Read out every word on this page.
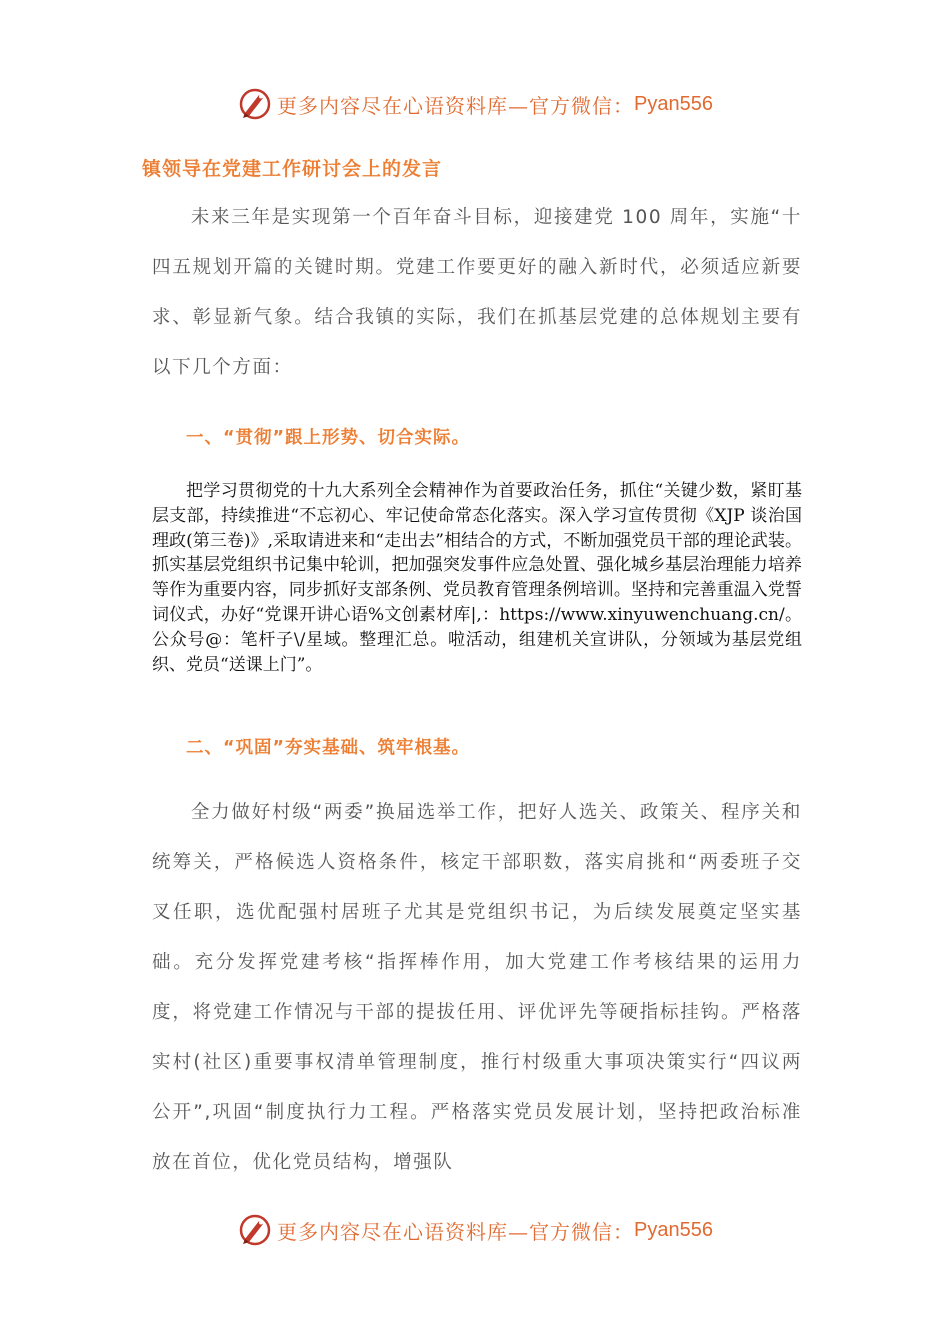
更多内容尽在心语资料库—官方微信： Pyan556
镇领导在党建工作研讨会上的发言

未来三年是实现第一个百年奋斗目标，迎接建党 100 周年，实施“十四五规划开篇的关键时期。党建工作要更好的融入新时代，必须适应新要求、彰显新气象。结合我镇的实际，我们在抓基层党建的总体规划主要有以下几个方面：

一、“贯彻”跟上形势、切合实际。

把学习贯彻党的十九大系列全会精神作为首要政治任务，抓住“关键少数，紧盯基层支部，持续推进“不忘初心、牢记使命常态化落实。深入学习宣传贯彻《XJP 谈治国理政(第三卷)》,采取请进来和“走出去”相结合的方式，不断加强党员干部的理论武装。抓实基层党组织书记集中轮训，把加强突发事件应急处置、强化城乡基层治理能力培养等作为重要内容，同步抓好支部条例、党员教育管理条例培训。坚持和完善重温入党誓词仪式，办好“党课开讲心语%文创素材库|,：https://www.xinyuwenchuang.cn/。公众号@：笔杆子\/星域。整理汇总。啦活动，组建机关宣讲队，分领域为基层党组织、党员“送课上门”。

二、“巩固”夯实基础、筑牢根基。

全力做好村级“两委”换届选举工作，把好人选关、政策关、程序关和统筹关，严格候选人资格条件，核定干部职数，落实肩挑和“两委班子交叉任职，选优配强村居班子尤其是党组织书记，为后续发展奠定坚实基础。充分发挥党建考核“指挥棒作用，加大党建工作考核结果的运用力度，将党建工作情况与干部的提拔任用、评优评先等硬指标挂钩。严格落实村(社区)重要事权清单管理制度，推行村级重大事项决策实行“四议两公开”,巩固“制度执行力工程。严格落实党员发展计划，坚持把政治标准放在首位，优化党员结构，增强队

更多内容尽在心语资料库—官方微信： Pyan556
